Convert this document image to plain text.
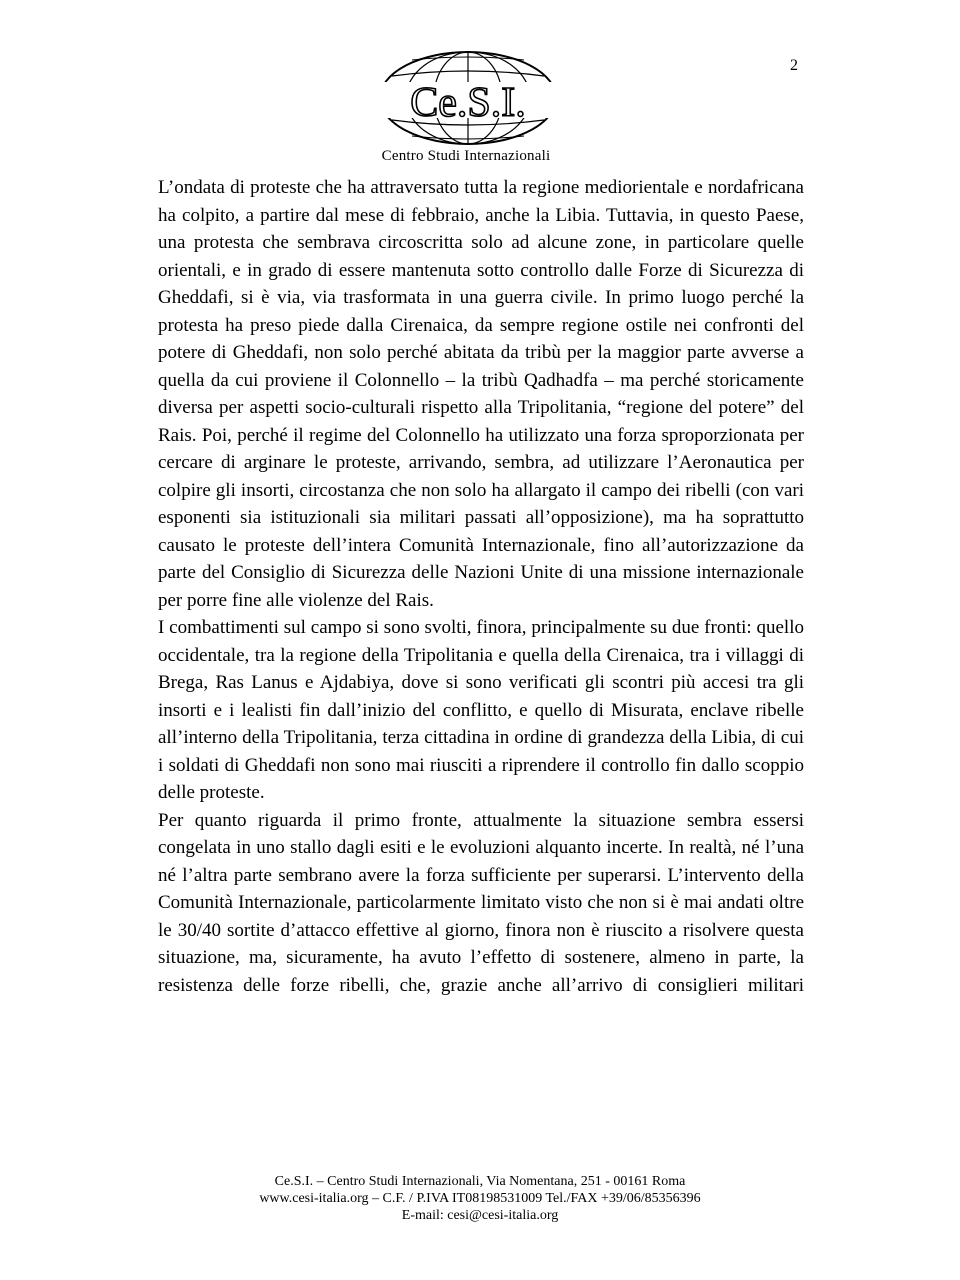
2
Ce.S.I.
Centro Studi Internazionali

L’ondata di proteste che ha attraversato tutta la regione mediorientale e nordafricana ha colpito, a partire dal mese di febbraio, anche la Libia. Tuttavia, in questo Paese, una protesta che sembrava circoscritta solo ad alcune zone, in particolare quelle orientali, e in grado di essere mantenuta sotto controllo dalle Forze di Sicurezza di Gheddafi, si è via, via trasformata in una guerra civile. In primo luogo perché la protesta ha preso piede dalla Cirenaica, da sempre regione ostile nei confronti del potere di Gheddafi, non solo perché abitata da tribù per la maggior parte avverse a quella da cui proviene il Colonnello – la tribù Qadhadfa – ma perché storicamente diversa per aspetti socio-culturali rispetto alla Tripolitania, “regione del potere” del Rais. Poi, perché il regime del Colonnello ha utilizzato una forza sproporzionata per cercare di arginare le proteste, arrivando, sembra, ad utilizzare l’Aeronautica per colpire gli insorti, circostanza che non solo ha allargato il campo dei ribelli (con vari esponenti sia istituzionali sia militari passati all’opposizione), ma ha soprattutto causato le proteste dell’intera Comunità Internazionale, fino all’autorizzazione da parte del Consiglio di Sicurezza delle Nazioni Unite di una missione internazionale per porre fine alle violenze del Rais.

I combattimenti sul campo si sono svolti, finora, principalmente su due fronti: quello occidentale, tra la regione della Tripolitania e quella della Cirenaica, tra i villaggi di Brega, Ras Lanus e Ajdabiya, dove si sono verificati gli scontri più accesi tra gli insorti e i lealisti fin dall’inizio del conflitto, e quello di Misurata, enclave ribelle all’interno della Tripolitania, terza cittadina in ordine di grandezza della Libia, di cui i soldati di Gheddafi non sono mai riusciti a riprendere il controllo fin dallo scoppio delle proteste.

Per quanto riguarda il primo fronte, attualmente la situazione sembra essersi congelata in uno stallo dagli esiti e le evoluzioni alquanto incerte. In realtà, né l’una né l’altra parte sembrano avere la forza sufficiente per superarsi. L’intervento della Comunità Internazionale, particolarmente limitato visto che non si è mai andati oltre le 30/40 sortite d’attacco effettive al giorno, finora non è riuscito a risolvere questa situazione, ma, sicuramente, ha avuto l’effetto di sostenere, almeno in parte, la resistenza delle forze ribelli, che, grazie anche all’arrivo di consiglieri militari

Ce.S.I. – Centro Studi Internazionali, Via Nomentana, 251 - 00161 Roma
www.cesi-italia.org – C.F. / P.IVA IT08198531009 Tel./FAX +39/06/85356396
E-mail: cesi@cesi-italia.org
